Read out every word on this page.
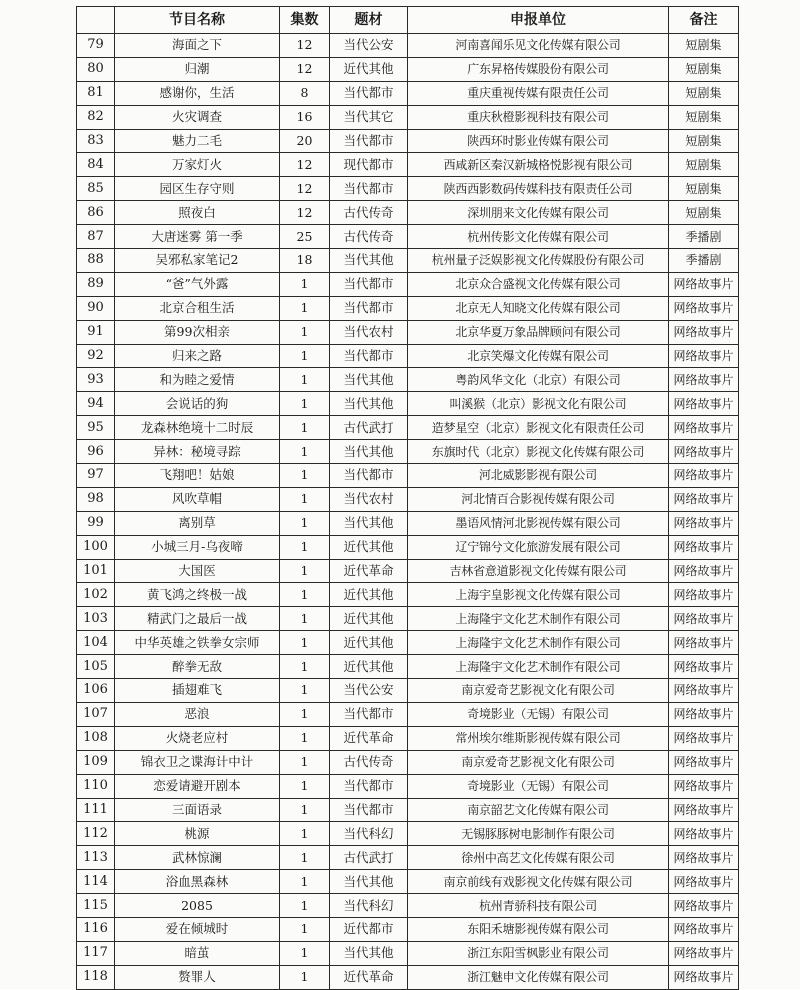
	节目名称	集数	题材	申报单位	备注
79	海面之下	12	当代公安	河南喜闻乐见文化传媒有限公司	短剧集
80	归潮	12	近代其他	广东昇格传媒股份有限公司	短剧集
81	感谢你，生活	8	当代都市	重庆重视传媒有限责任公司	短剧集
82	火灾调查	16	当代其它	重庆秋橙影视科技有限公司	短剧集
83	魅力二毛	20	当代都市	陕西环时影业传媒有限公司	短剧集
84	万家灯火	12	现代都市	西咸新区秦汉新城格悦影视有限公司	短剧集
85	园区生存守则	12	当代都市	陕西西影数码传媒科技有限责任公司	短剧集
86	照夜白	12	古代传奇	深圳朋来文化传媒有限公司	短剧集
87	大唐迷雾 第一季	25	古代传奇	杭州传影文化传媒有限公司	季播剧
88	吴邪私家笔记2	18	当代其他	杭州量子泛娱影视文化传媒股份有限公司	季播剧
89	“爸”气外露	1	当代都市	北京众合盛视文化传媒有限公司	网络故事片
90	北京合租生活	1	当代都市	北京无人知晓文化传媒有限公司	网络故事片
91	第99次相亲	1	当代农村	北京华夏万象品牌顾问有限公司	网络故事片
92	归来之路	1	当代都市	北京笑爆文化传媒有限公司	网络故事片
93	和为睦之爱情	1	当代其他	粤韵风华文化（北京）有限公司	网络故事片
94	会说话的狗	1	当代其他	叫溪猴（北京）影视文化有限公司	网络故事片
95	龙森林绝境十二时辰	1	古代武打	造梦星空（北京）影视文化有限责任公司	网络故事片
96	异林：秘境寻踪	1	当代其他	东旗时代（北京）影视文化传媒有限公司	网络故事片
97	飞翔吧！姑娘	1	当代都市	河北威影影视有限公司	网络故事片
98	风吹草帽	1	当代农村	河北情百合影视传媒有限公司	网络故事片
99	离别草	1	当代其他	墨语风情河北影视传媒有限公司	网络故事片
100	小城三月-乌夜啼	1	近代其他	辽宁锦兮文化旅游发展有限公司	网络故事片
101	大国医	1	近代革命	吉林省意道影视文化传媒有限公司	网络故事片
102	黄飞鸿之终极一战	1	近代其他	上海宇皇影视文化传媒有限公司	网络故事片
103	精武门之最后一战	1	近代其他	上海隆宇文化艺术制作有限公司	网络故事片
104	中华英雄之铁拳女宗师	1	近代其他	上海隆宇文化艺术制作有限公司	网络故事片
105	醉拳无敌	1	近代其他	上海隆宇文化艺术制作有限公司	网络故事片
106	插翅难飞	1	当代公安	南京爱奇艺影视文化有限公司	网络故事片
107	恶浪	1	当代都市	奇境影业（无锡）有限公司	网络故事片
108	火烧老应村	1	近代革命	常州埃尔维斯影视传媒有限公司	网络故事片
109	锦衣卫之谍海计中计	1	古代传奇	南京爱奇艺影视文化有限公司	网络故事片
110	恋爱请避开剧本	1	当代都市	奇境影业（无锡）有限公司	网络故事片
111	三面语录	1	当代都市	南京韶艺文化传媒有限公司	网络故事片
112	桃源	1	当代科幻	无锡豚豚树电影制作有限公司	网络故事片
113	武林惊澜	1	古代武打	徐州中高艺文化传媒有限公司	网络故事片
114	浴血黑森林	1	当代其他	南京前线有戏影视文化传媒有限公司	网络故事片
115	2085	1	当代科幻	杭州青骄科技有限公司	网络故事片
116	爱在倾城时	1	近代都市	东阳禾塘影视传媒有限公司	网络故事片
117	暗茧	1	当代其他	浙江东阳雪枫影业有限公司	网络故事片
118	赘罪人	1	近代革命	浙江魅申文化传媒有限公司	网络故事片
